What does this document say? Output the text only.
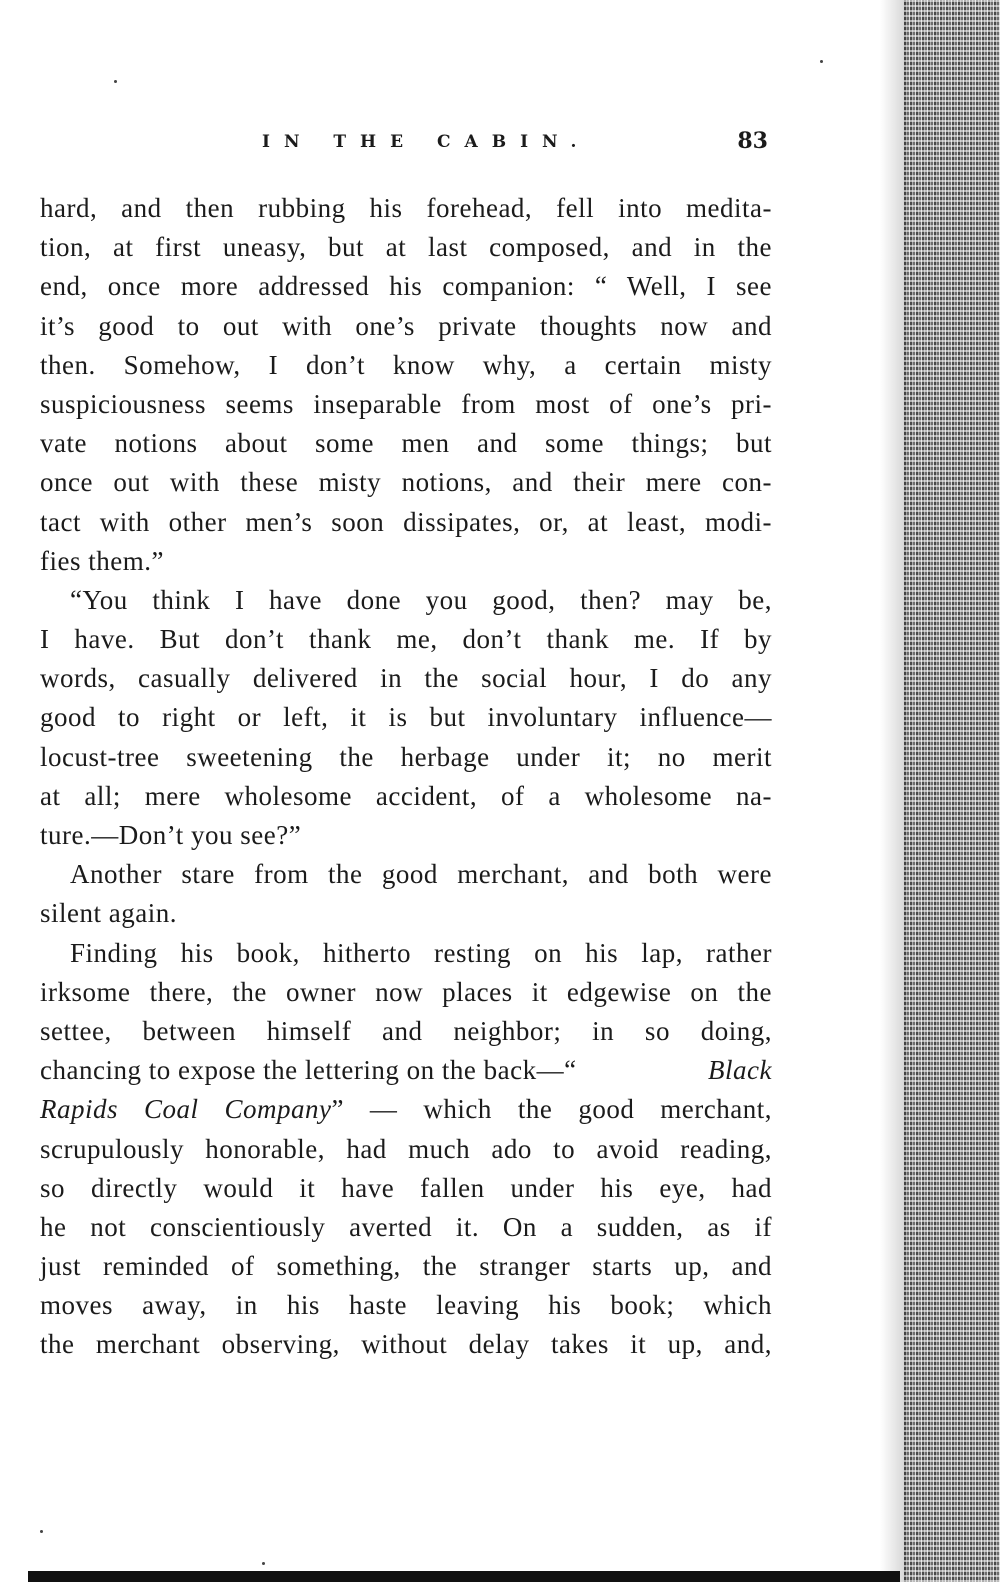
IN THE CABIN.	83
hard, and then rubbing his forehead, fell into medita-
tion, at first uneasy, but at last composed, and in the
end, once more addressed his companion: “ Well, I see
it’s good to out with one’s private thoughts now and
then. Somehow, I don’t know why, a certain misty
suspiciousness seems inseparable from most of one’s pri-
vate notions about some men and some things; but
once out with these misty notions, and their mere con-
tact with other men’s soon dissipates, or, at least, modi-
fies them.”
“You think I have done you good, then? may be,
I have. But don’t thank me, don’t thank me. If by
words, casually delivered in the social hour, I do any
good to right or left, it is but involuntary influence—
locust-tree sweetening the herbage under it; no merit
at all; mere wholesome accident, of a wholesome na-
ture.—Don’t you see?”
Another stare from the good merchant, and both were
silent again.
Finding his book, hitherto resting on his lap, rather
irksome there, the owner now places it edgewise on the
settee, between himself and neighbor; in so doing,
chancing to expose the lettering on the back—“	Black
Rapids Coal Company” — which the good merchant,
scrupulously honorable, had much ado to avoid reading,
so directly would it have fallen under his eye, had
he not conscientiously averted it. On a sudden, as if
just reminded of something, the stranger starts up, and
moves away, in his haste leaving his book; which
the merchant observing, without delay takes it up, and,
